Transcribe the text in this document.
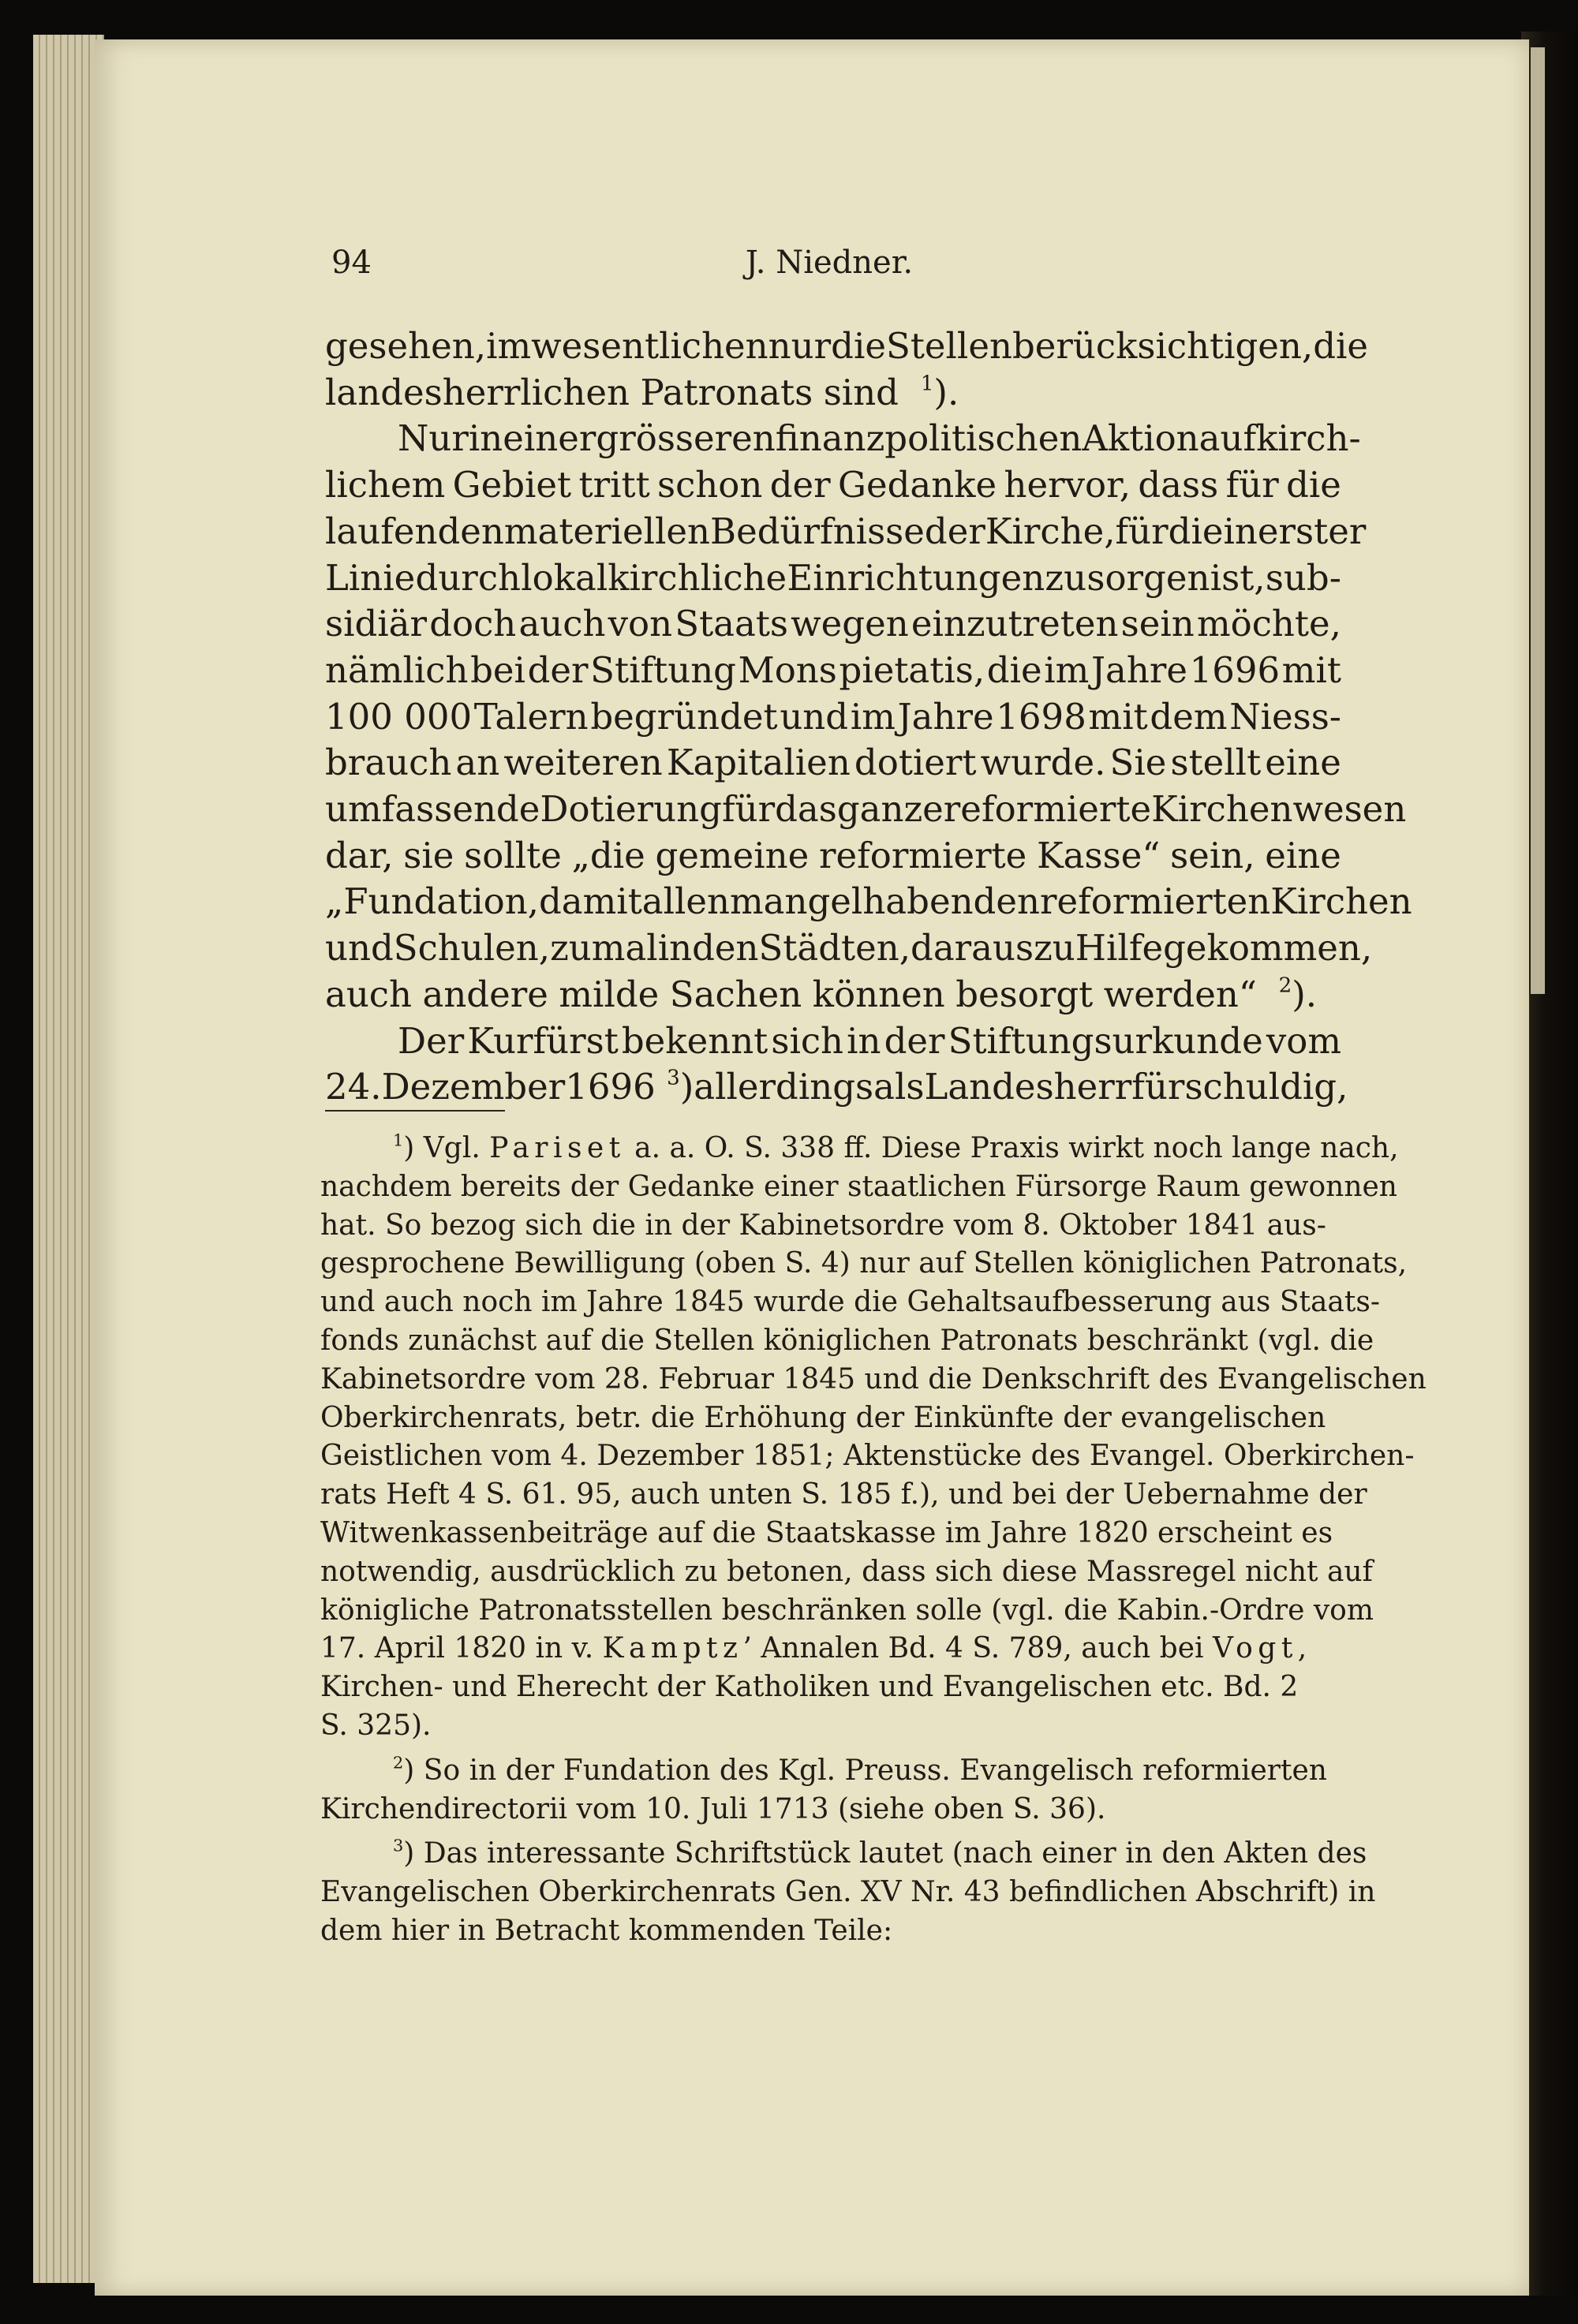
94	J. Niedner.
gesehen, im wesentlichen nur die Stellen berücksichtigen, die
landesherrlichen Patronats sind $^1$).
Nur in einer grösseren finanzpolitischen Aktion auf kirch-
lichem Gebiet tritt schon der Gedanke hervor, dass für die
laufenden materiellen Bedürfnisse der Kirche, für die in erster
Linie durch lokalkirchliche Einrichtungen zu sorgen ist, sub-
sidiär doch auch von Staats wegen einzutreten sein möchte,
nämlich bei der Stiftung Mons pietatis, die im Jahre 1696 mit
100 000 Talern begründet und im Jahre 1698 mit dem Niess-
brauch an weiteren Kapitalien dotiert wurde. Sie stellt eine
umfassende Dotierung für das ganze reformierte Kirchenwesen
dar, sie sollte „die gemeine reformierte Kasse“ sein, eine
„Fundation, damit allen mangelhabenden reformierten Kirchen
und Schulen, zumal in den Städten, daraus zu Hilfe gekommen,
auch andere milde Sachen können besorgt werden“ $^2$).
Der Kurfürst bekennt sich in der Stiftungsurkunde vom
24. Dezember 1696 $^3$) allerdings als Landesherr für schuldig,
$^1$) Vgl. Pariset a. a. O. S. 338 ff. Diese Praxis wirkt noch lange nach,
nachdem bereits der Gedanke einer staatlichen Fürsorge Raum gewonnen
hat. So bezog sich die in der Kabinetsordre vom 8. Oktober 1841 aus-
gesprochene Bewilligung (oben S. 4) nur auf Stellen königlichen Patronats,
und auch noch im Jahre 1845 wurde die Gehaltsaufbesserung aus Staats-
fonds zunächst auf die Stellen königlichen Patronats beschränkt (vgl. die
Kabinetsordre vom 28. Februar 1845 und die Denkschrift des Evangelischen
Oberkirchenrats, betr. die Erhöhung der Einkünfte der evangelischen
Geistlichen vom 4. Dezember 1851; Aktenstücke des Evangel. Oberkirchen-
rats Heft 4 S. 61. 95, auch unten S. 185 f.), und bei der Uebernahme der
Witwenkassenbeiträge auf die Staatskasse im Jahre 1820 erscheint es
notwendig, ausdrücklich zu betonen, dass sich diese Massregel nicht auf
königliche Patronatsstellen beschränken solle (vgl. die Kabin.-Ordre vom
17. April 1820 in v. Kamptz’ Annalen Bd. 4 S. 789, auch bei Vogt,
Kirchen- und Eherecht der Katholiken und Evangelischen etc. Bd. 2
S. 325).
$^2$) So in der Fundation des Kgl. Preuss. Evangelisch reformierten
Kirchendirectorii vom 10. Juli 1713 (siehe oben S. 36).
$^3$) Das interessante Schriftstück lautet (nach einer in den Akten des
Evangelischen Oberkirchenrats Gen. XV Nr. 43 befindlichen Abschrift) in
dem hier in Betracht kommenden Teile:
